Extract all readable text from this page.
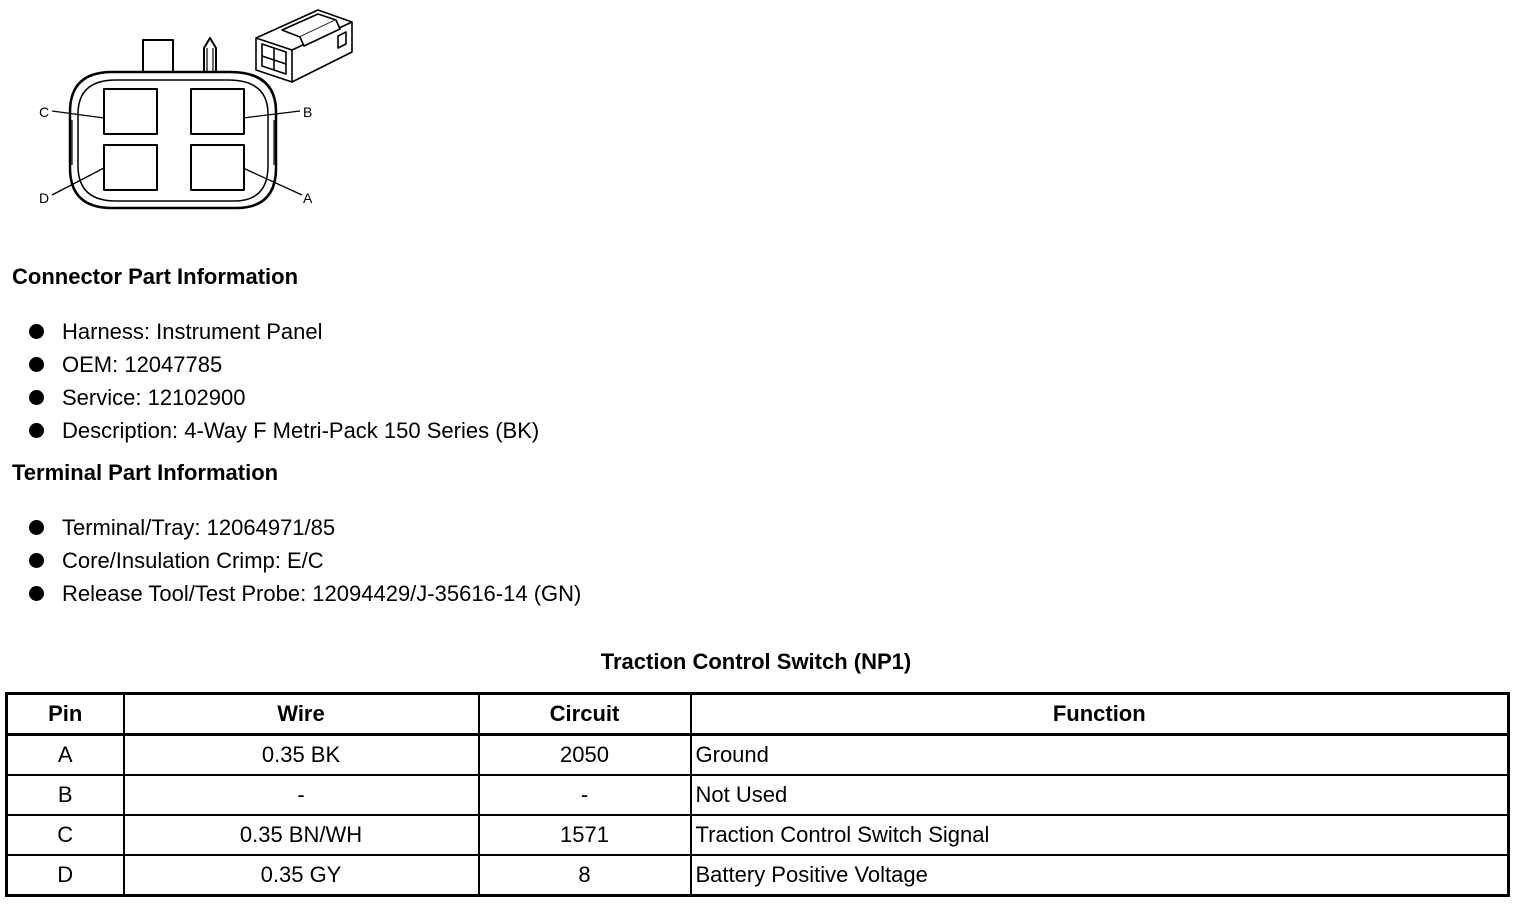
C	B
D	A
Connector Part Information
Harness: Instrument Panel
OEM: 12047785
Service: 12102900
Description: 4-Way F Metri-Pack 150 Series (BK)
Terminal Part Information
Terminal/Tray: 12064971/85
Core/Insulation Crimp: E/C
Release Tool/Test Probe: 12094429/J-35616-14 (GN)
Traction Control Switch (NP1)
Pin	Wire	Circuit	Function
A	0.35 BK	2050	Ground
B	-	-	Not Used
C	0.35 BN/WH	1571	Traction Control Switch Signal
D	0.35 GY	8	Battery Positive Voltage
